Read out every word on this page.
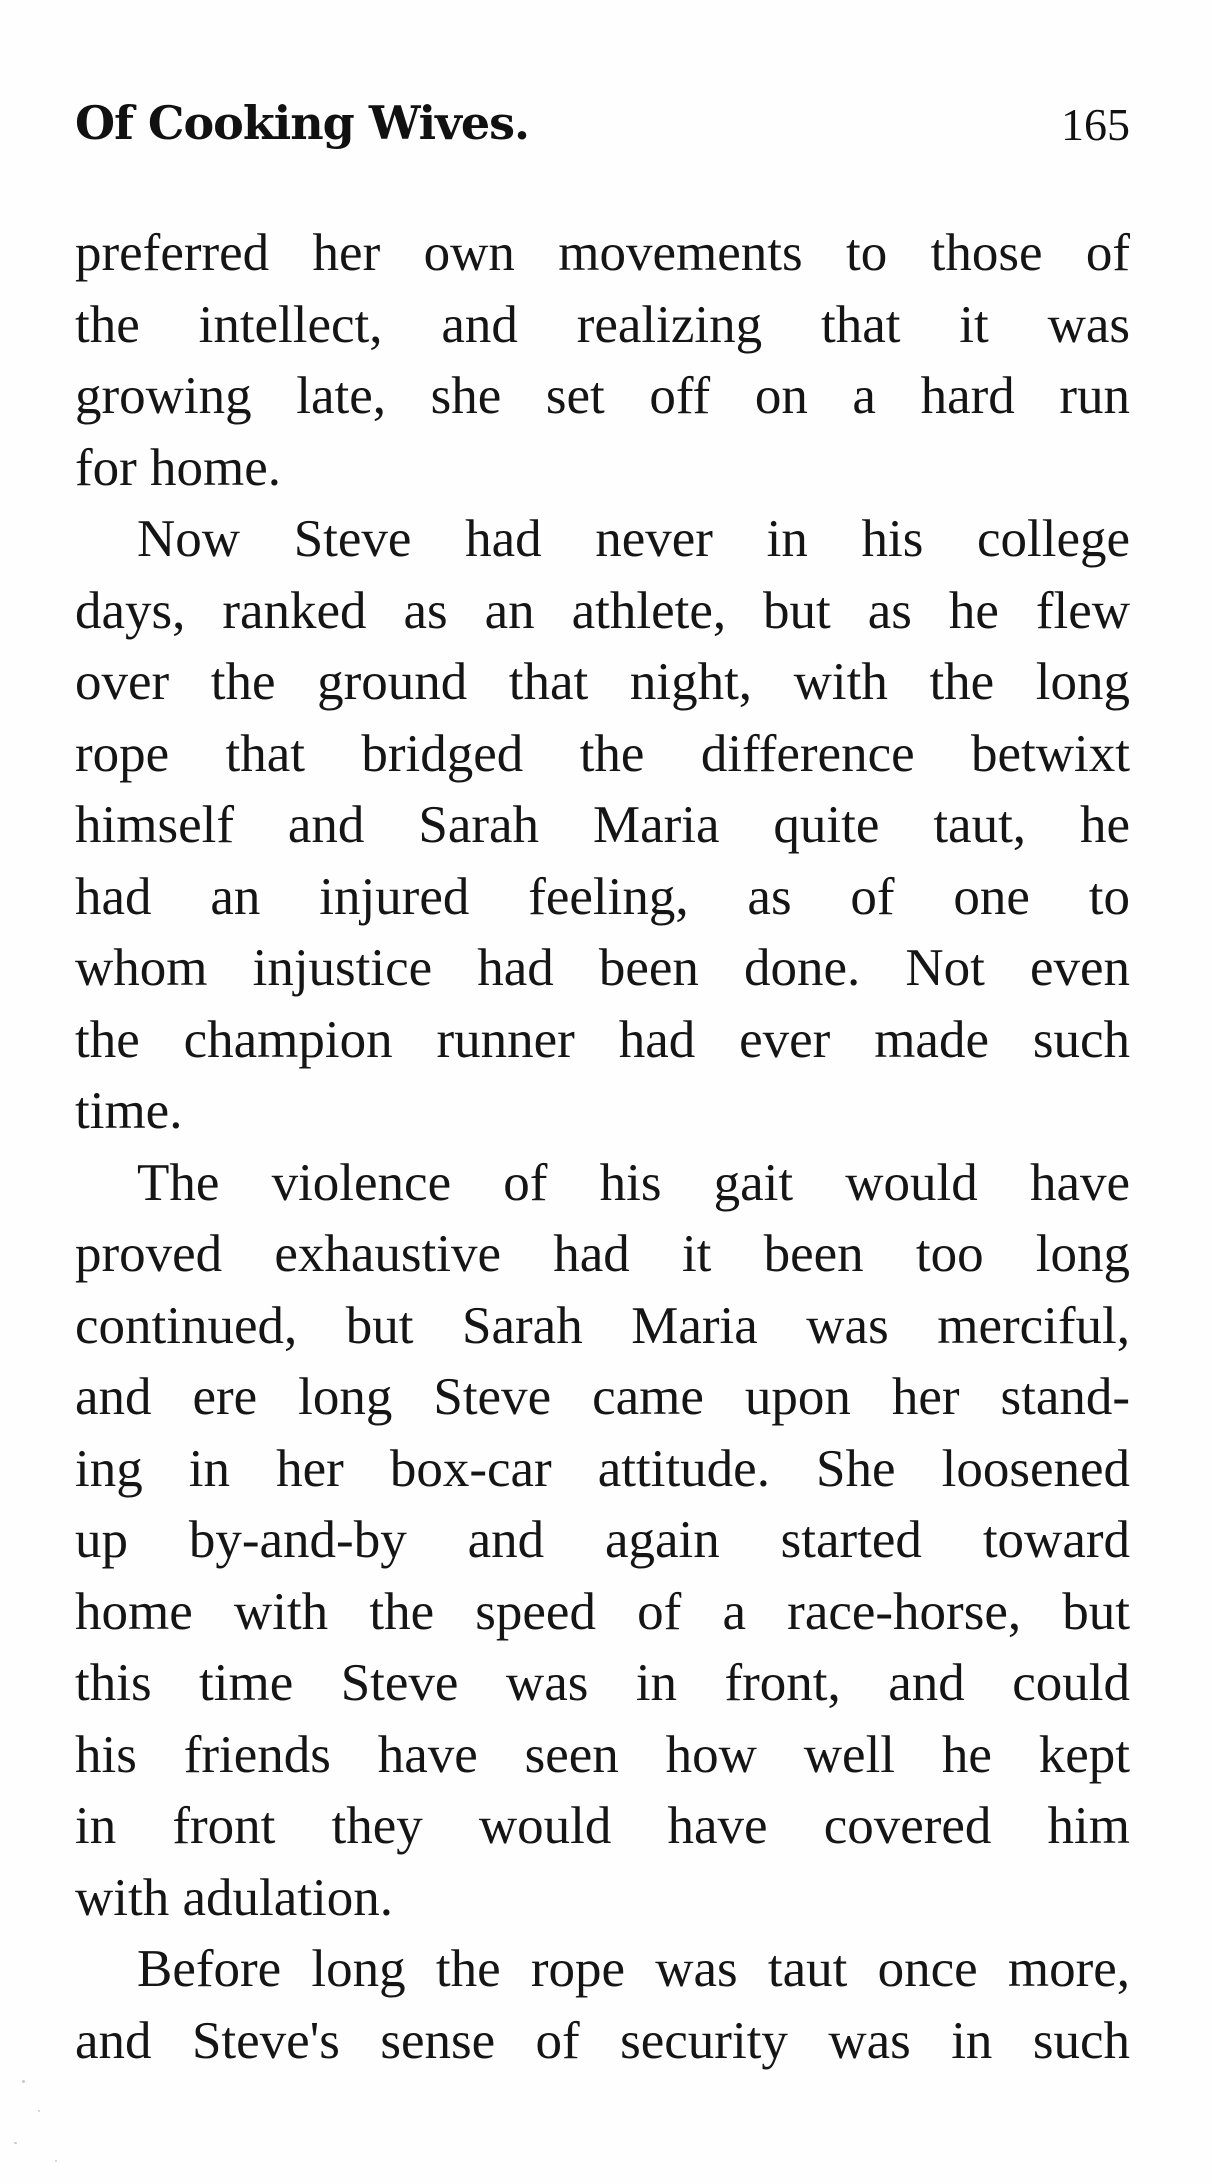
Of Cooking Wives.	165
preferred her own movements to those of
the intellect, and realizing that it was
growing late, she set off on a hard run
for home.
Now Steve had never in his college
days, ranked as an athlete, but as he flew
over the ground that night, with the long
rope that bridged the difference betwixt
himself and Sarah Maria quite taut, he
had an injured feeling, as of one to
whom injustice had been done. Not even
the champion runner had ever made such
time.
The violence of his gait would have
proved exhaustive had it been too long
continued, but Sarah Maria was merciful,
and ere long Steve came upon her stand-
ing in her box-car attitude. She loosened
up by-and-by and again started toward
home with the speed of a race-horse, but
this time Steve was in front, and could
his friends have seen how well he kept
in front they would have covered him
with adulation.
Before long the rope was taut once more,
and Steve's sense of security was in such
